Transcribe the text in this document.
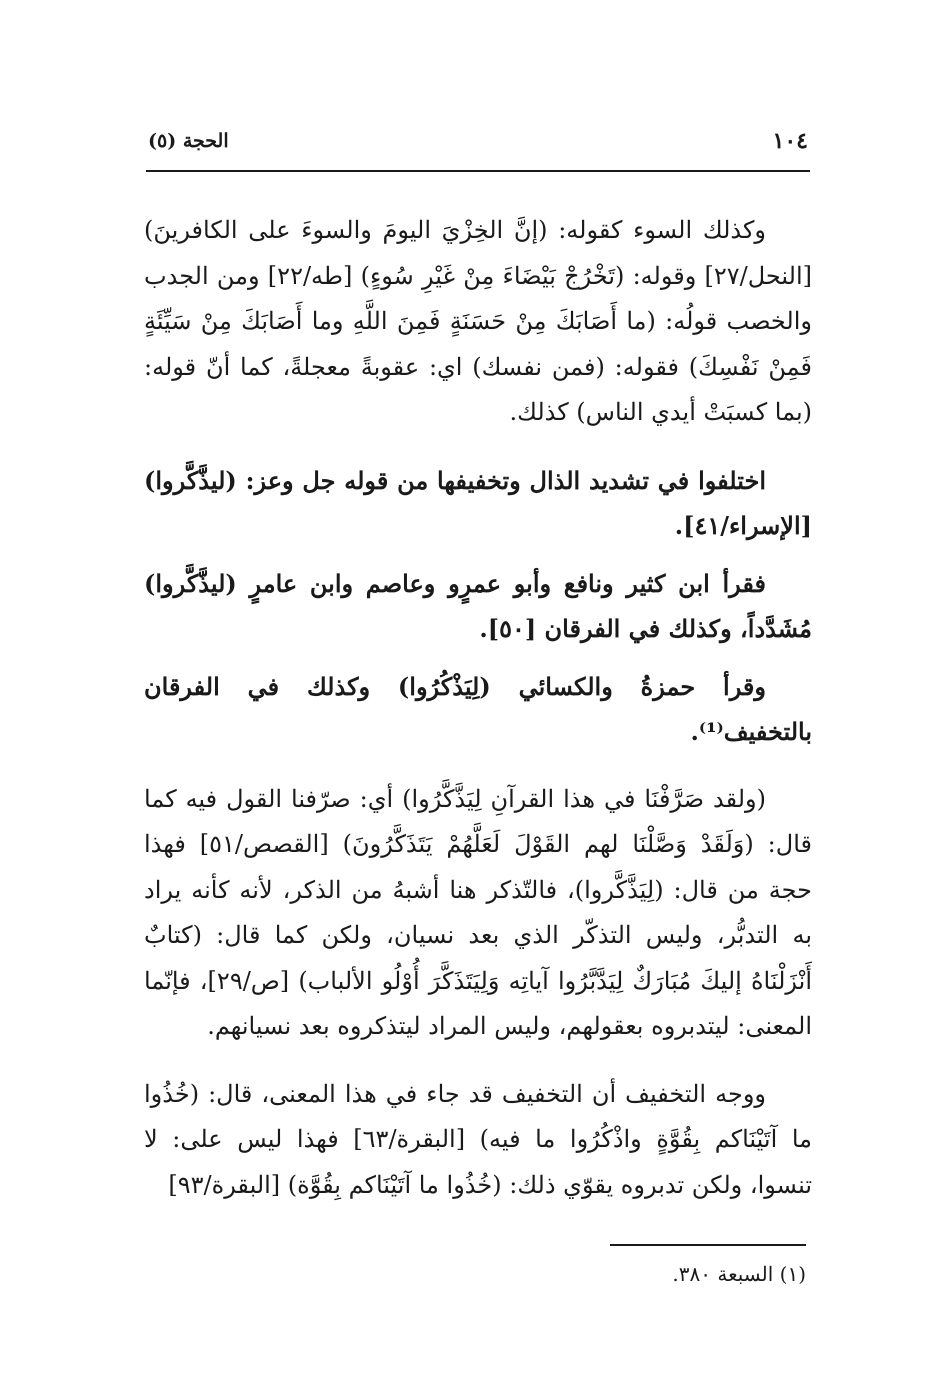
١٠٤
الحجة (٥)

وكذلك السوء كقوله: (إنَّ الخِزْيَ اليومَ والسوءَ على الكافرينَ) [النحل/٢٧] وقوله: (تَخْرُجْ بَيْضَاءَ مِنْ غَيْرِ سُوءٍ) [طه/٢٢] ومن الجدب والخصب قولُه: (ما أَصَابَكَ مِنْ حَسَنَةٍ فَمِنَ اللَّهِ وما أَصَابَكَ مِنْ سَيِّئَةٍ فَمِنْ نَفْسِكَ) فقوله: (فمن نفسك) اي: عقوبةً معجلةً، كما أنّ قوله: (بما كسبَتْ أيدي الناس) كذلك.

اختلفوا في تشديد الذال وتخفيفها من قوله جل وعز: (ليذَّكَّروا) [الإسراء/٤١].

فقرأ ابن كثير ونافع وأبو عمرٍو وعاصم وابن عامرٍ (ليذَّكَّروا) مُشَدَّداً، وكذلك في الفرقان [٥٠].

وقرأ حمزةُ والكسائي (لِيَذْكُرُوا) وكذلك في الفرقان بالتخفيف⁽¹⁾.

(ولقد صَرَّفْنَا في هذا القرآنِ لِيَذَّكَّرُوا) أي: صرّفنا القول فيه كما قال: (وَلَقَدْ وَصَّلْنَا لهم القَوْلَ لَعَلَّهُمْ يَتَذَكَّرُونَ) [القصص/٥١] فهذا حجة من قال: (لِيَذَّكَّروا)، فالتّذكر هنا أشبهُ من الذكر، لأنه كأنه يراد به التدبُّر، وليس التذكّر الذي بعد نسيان، ولكن كما قال: (كتابٌ أَنْزَلْنَاهُ إليكَ مُبَارَكٌ لِيَدَّبَّرُوا آياتِه وَلِيَتَذَكَّرَ أُوْلُو الألباب) [ص/٢٩]، فإنّما المعنى: ليتدبروه بعقولهم، وليس المراد ليتذكروه بعد نسيانهم.

ووجه التخفيف أن التخفيف قد جاء في هذا المعنى، قال: (خُذُوا ما آتَيْنَاكم بِقُوَّةٍ واذْكُرُوا ما فيه) [البقرة/٦٣] فهذا ليس على: لا تنسوا، ولكن تدبروه يقوّي ذلك: (خُذُوا ما آتَيْنَاكم بِقُوَّة) [البقرة/٩٣]

(١) السبعة ٣٨٠.
